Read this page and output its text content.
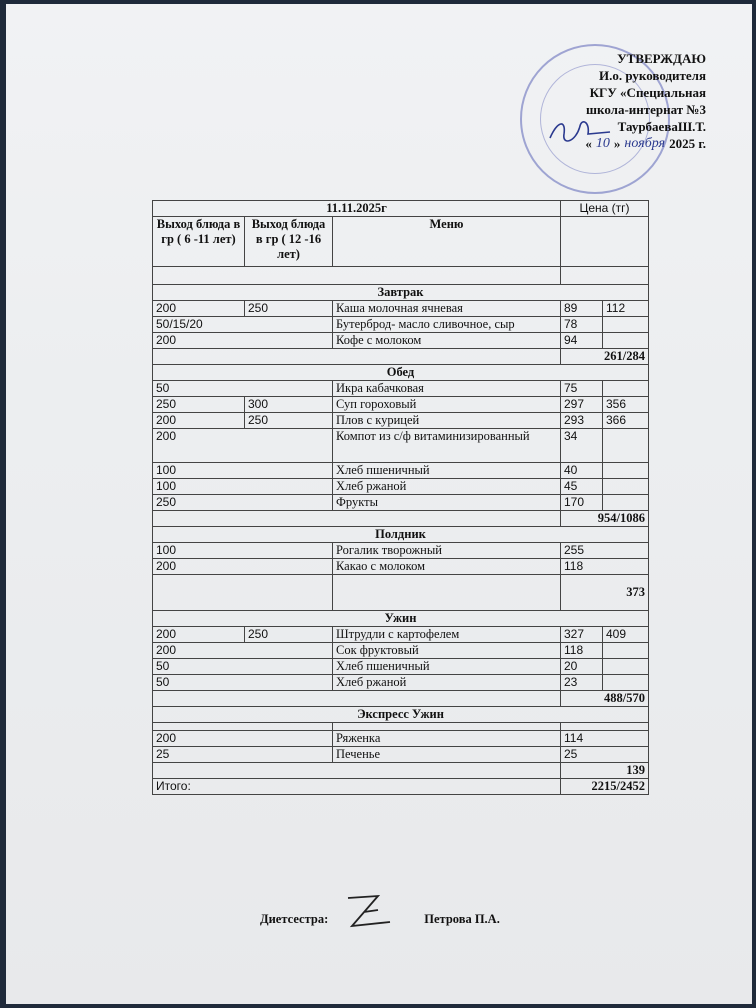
УТВЕРЖДАЮ
И.о. руководителя
КГУ «Специальная
школа-интернат №3
ТаурбаеваШ.Т.
« 10 » ноября 2025 г.
11.11.2025г			Цена (тг)	
Выход блюда в гр ( 6 -11 лет)	Выход блюда в гр ( 12 -16 лет)	Меню		

Завтрак				
200	250	Каша молочная ячневая	89	112
50/15/20		Бутерброд- масло сливочное, сыр	78	
200		Кофе с молоком	94	
			261/284	
Обед				
50		Икра кабачковая	75	
250	300	Суп гороховый	297	356
200	250	Плов с курицей	293	366
200		Компот из с/ф витаминизированный	34	
100		Хлеб пшеничный	40	
100		Хлеб ржаной	45	
250		Фрукты	170	
			954/1086	
Полдник				
100		Рогалик творожный	255	
200		Какао с молоком	118	
			373	
Ужин				
200	250	Штрудли с картофелем	327	409
200		Сок фруктовый	118	
50		Хлеб пшеничный	20	
50		Хлеб ржаной	23	
			488/570	
Экспресс Ужин				

200		Ряженка	114	
25		Печенье	25	
			139	
Итого:			2215/2452	
Диетсестра:	Петрова П.А.
